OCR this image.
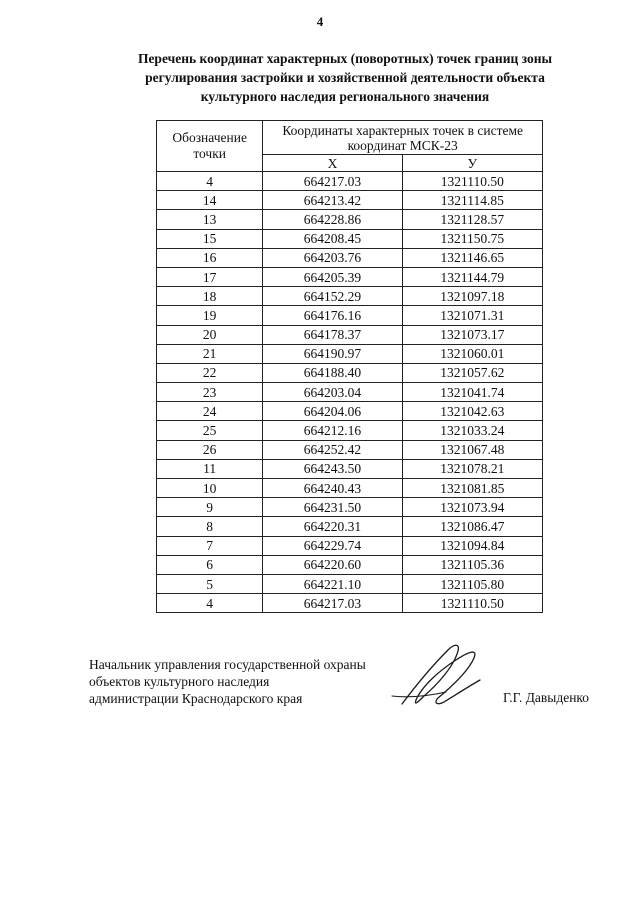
4
Перечень координат характерных (поворотных) точек границ зоны
регулирования застройки и хозяйственной деятельности объекта
культурного наследия регионального значения
Обозначение
точки	Координаты характерных точек в системе
координат МСК-23	
	Х	У
4	664217.03	1321110.50
14	664213.42	1321114.85
13	664228.86	1321128.57
15	664208.45	1321150.75
16	664203.76	1321146.65
17	664205.39	1321144.79
18	664152.29	1321097.18
19	664176.16	1321071.31
20	664178.37	1321073.17
21	664190.97	1321060.01
22	664188.40	1321057.62
23	664203.04	1321041.74
24	664204.06	1321042.63
25	664212.16	1321033.24
26	664252.42	1321067.48
11	664243.50	1321078.21
10	664240.43	1321081.85
9	664231.50	1321073.94
8	664220.31	1321086.47
7	664229.74	1321094.84
6	664220.60	1321105.36
5	664221.10	1321105.80
4	664217.03	1321110.50
Начальник управления государственной охраны
объектов культурного наследия
администрации Краснодарского края	Г.Г. Давыденко
